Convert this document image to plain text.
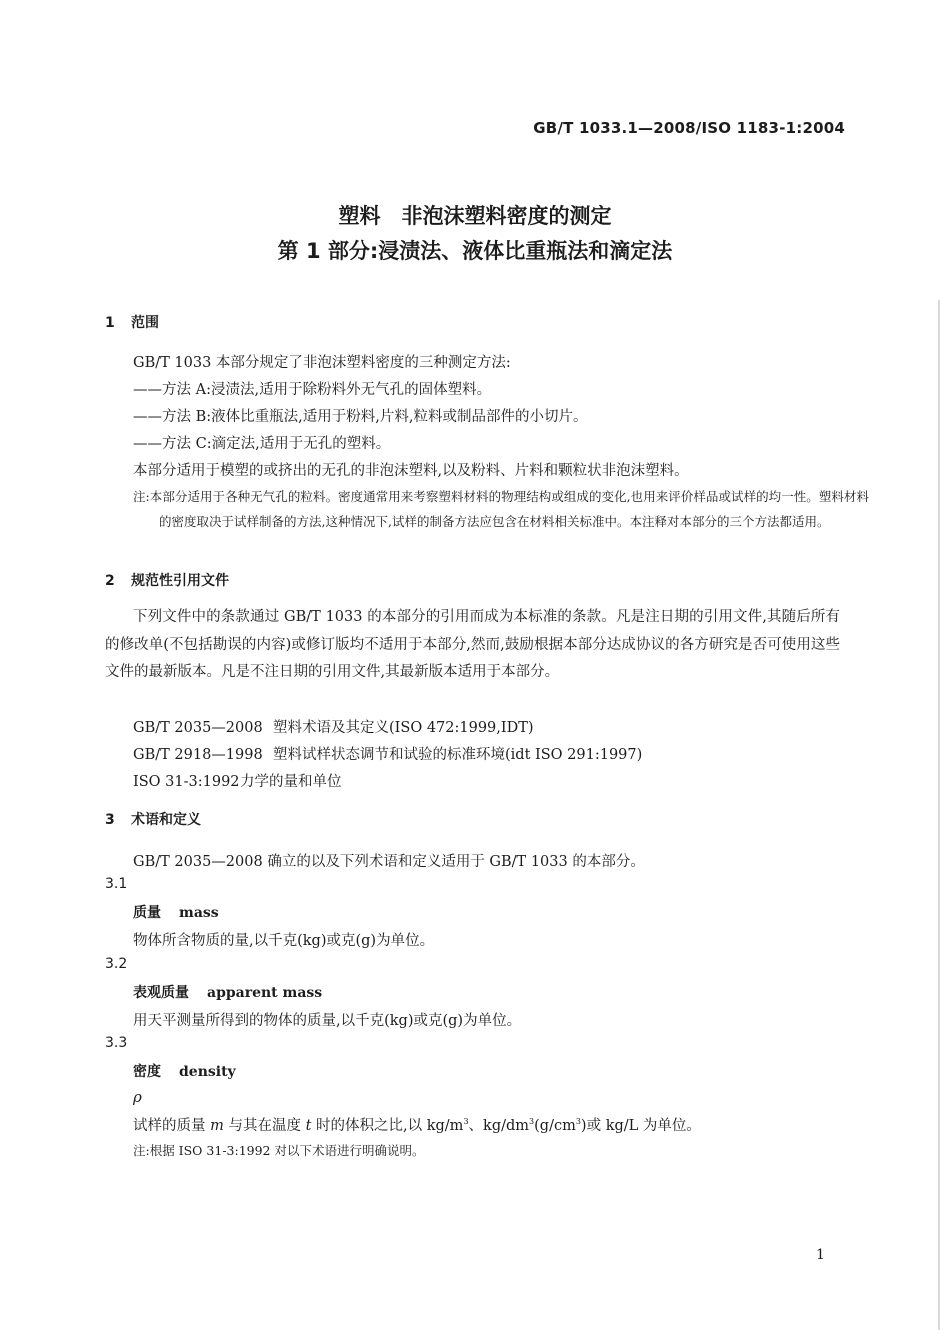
GB/T 1033.1—2008/ISO 1183-1:2004
塑料　非泡沫塑料密度的测定
第 1 部分:浸渍法、液体比重瓶法和滴定法
1 范围
GB/T 1033 本部分规定了非泡沫塑料密度的三种测定方法:
——方法 A:浸渍法,适用于除粉料外无气孔的固体塑料。
——方法 B:液体比重瓶法,适用于粉料,片料,粒料或制品部件的小切片。
——方法 C:滴定法,适用于无孔的塑料。
本部分适用于模塑的或挤出的无孔的非泡沫塑料,以及粉料、片料和颗粒状非泡沫塑料。
注:本部分适用于各种无气孔的粒料。密度通常用来考察塑料材料的物理结构或组成的变化,也用来评价样品或试样的均一性。塑料材料的密度取决于试样制备的方法,这种情况下,试样的制备方法应包含在材料相关标准中。本注释对本部分的三个方法都适用。
2 规范性引用文件
下列文件中的条款通过 GB/T 1033 的本部分的引用而成为本标准的条款。凡是注日期的引用文件,其随后所有的修改单(不包括勘误的内容)或修订版均不适用于本部分,然而,鼓励根据本部分达成协议的各方研究是否可使用这些文件的最新版本。凡是不注日期的引用文件,其最新版本适用于本部分。
GB/T 2035—2008 塑料术语及其定义(ISO 472:1999,IDT)
GB/T 2918—1998 塑料试样状态调节和试验的标准环境(idt ISO 291:1997)
ISO 31-3:1992力学的量和单位
3 术语和定义
GB/T 2035—2008 确立的以及下列术语和定义适用于 GB/T 1033 的本部分。
3.1
质量 mass
物体所含物质的量,以千克(kg)或克(g)为单位。
3.2
表观质量 apparent mass
用天平测量所得到的物体的质量,以千克(kg)或克(g)为单位。
3.3
密度 density
ρ
试样的质量 m 与其在温度 t 时的体积之比,以 $kg/m^3$、$kg/dm^3(g/cm^3)$或 kg/L 为单位。
注:根据 ISO 31-3:1992 对以下术语进行明确说明。
1
